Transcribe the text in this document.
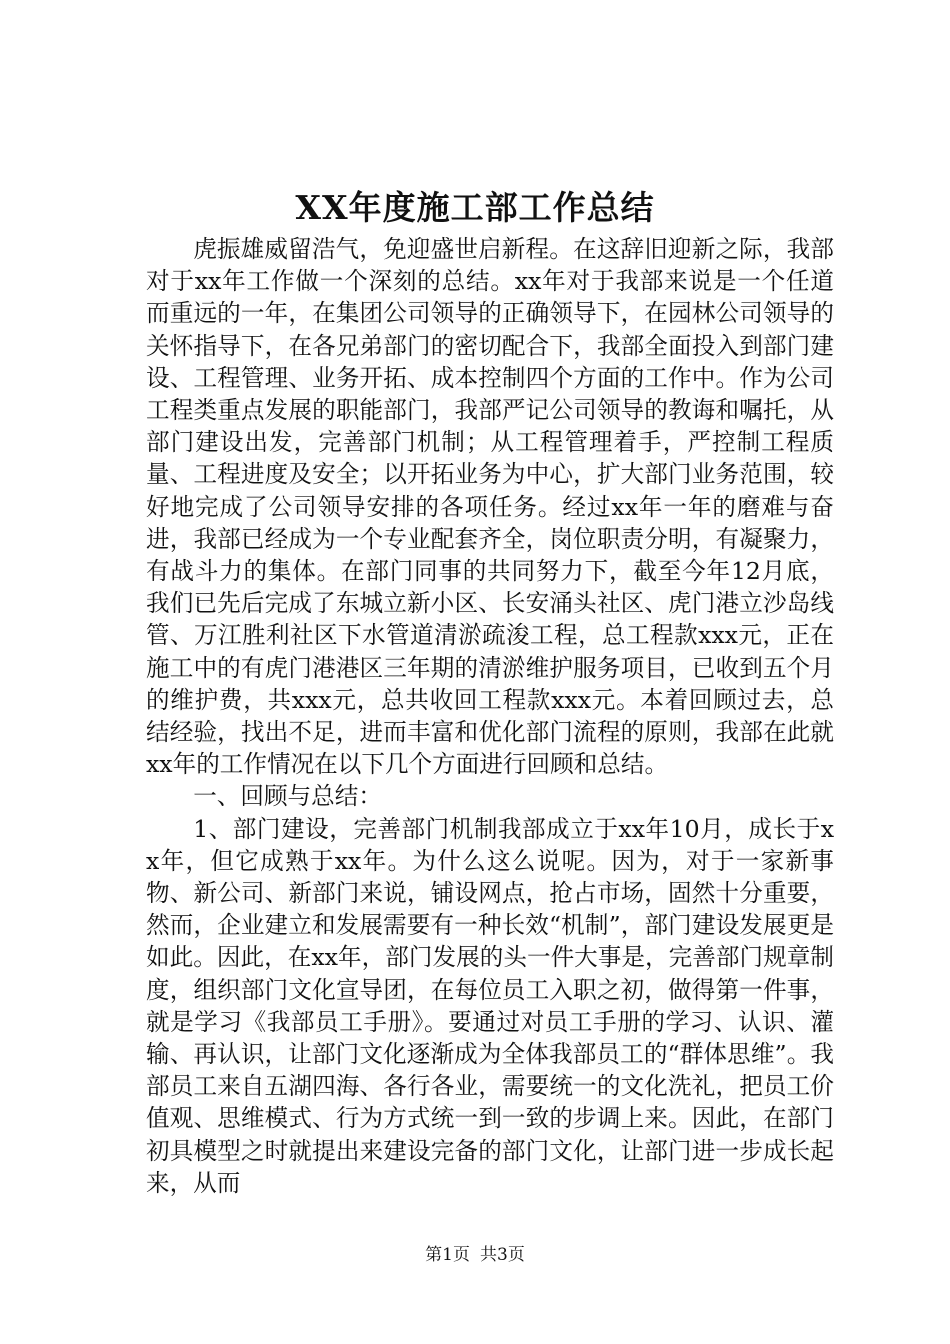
XX年度施工部工作总结

虎振雄威留浩气，免迎盛世启新程。在这辞旧迎新之际，我部对于xx年工作做一个深刻的总结。xx年对于我部来说是一个任道而重远的一年，在集团公司领导的正确领导下，在园林公司领导的关怀指导下，在各兄弟部门的密切配合下，我部全面投入到部门建设、工程管理、业务开拓、成本控制四个方面的工作中。作为公司工程类重点发展的职能部门，我部严记公司领导的教诲和嘱托，从部门建设出发，完善部门机制；从工程管理着手，严控制工程质量、工程进度及安全；以开拓业务为中心，扩大部门业务范围，较好地完成了公司领导安排的各项任务。经过xx年一年的磨难与奋进，我部已经成为一个专业配套齐全，岗位职责分明，有凝聚力，有战斗力的集体。在部门同事的共同努力下，截至今年12月底，我们已先后完成了东城立新小区、长安涌头社区、虎门港立沙岛线管、万江胜利社区下水管道清淤疏浚工程，总工程款xxx元，正在施工中的有虎门港港区三年期的清淤维护服务项目，已收到五个月的维护费，共xxx元，总共收回工程款xxx元。本着回顾过去，总结经验，找出不足，进而丰富和优化部门流程的原则，我部在此就xx年的工作情况在以下几个方面进行回顾和总结。

一、回顾与总结：

1、部门建设，完善部门机制我部成立于xx年10月，成长于xx年，但它成熟于xx年。为什么这么说呢。因为，对于一家新事物、新公司、新部门来说，铺设网点，抢占市场，固然十分重要，然而，企业建立和发展需要有一种长效“机制”，部门建设发展更是如此。因此，在xx年，部门发展的头一件大事是，完善部门规章制度，组织部门文化宣导团，在每位员工入职之初，做得第一件事，就是学习《我部员工手册》。要通过对员工手册的学习、认识、灌输、再认识，让部门文化逐渐成为全体我部员工的“群体思维”。我部员工来自五湖四海、各行各业，需要统一的文化洗礼，把员工价值观、思维模式、行为方式统一到一致的步调上来。因此，在部门初具模型之时就提出来建设完备的部门文化，让部门进一步成长起来，从而

第1页 共3页
